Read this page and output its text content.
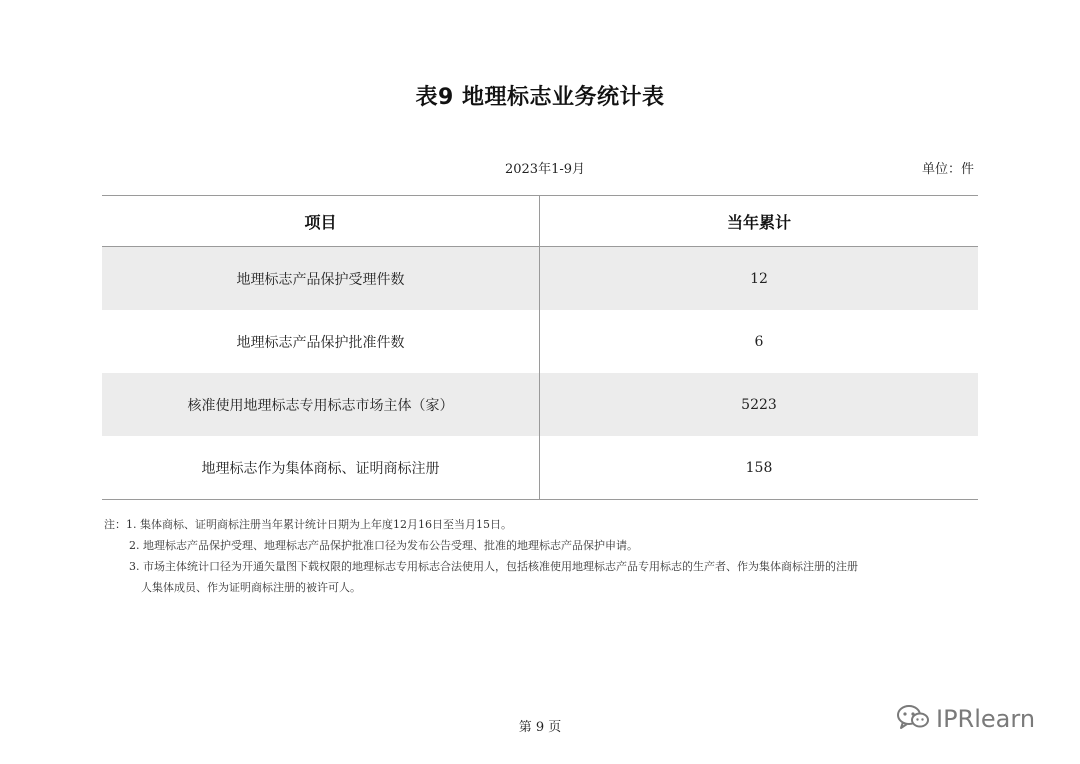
表9 地理标志业务统计表
2023年1-9月	单位：件
项目	当年累计
地理标志产品保护受理件数	12
地理标志产品保护批准件数	6
核准使用地理标志专用标志市场主体（家）	5223
地理标志作为集体商标、证明商标注册	158
注：1. 集体商标、证明商标注册当年累计统计日期为上年度12月16日至当月15日。
2. 地理标志产品保护受理、地理标志产品保护批准口径为发布公告受理、批准的地理标志产品保护申请。
3. 市场主体统计口径为开通矢量图下载权限的地理标志专用标志合法使用人，包括核准使用地理标志产品专用标志的生产者、作为集体商标注册的注册
人集体成员、作为证明商标注册的被许可人。
第 9 页	IPRlearn
